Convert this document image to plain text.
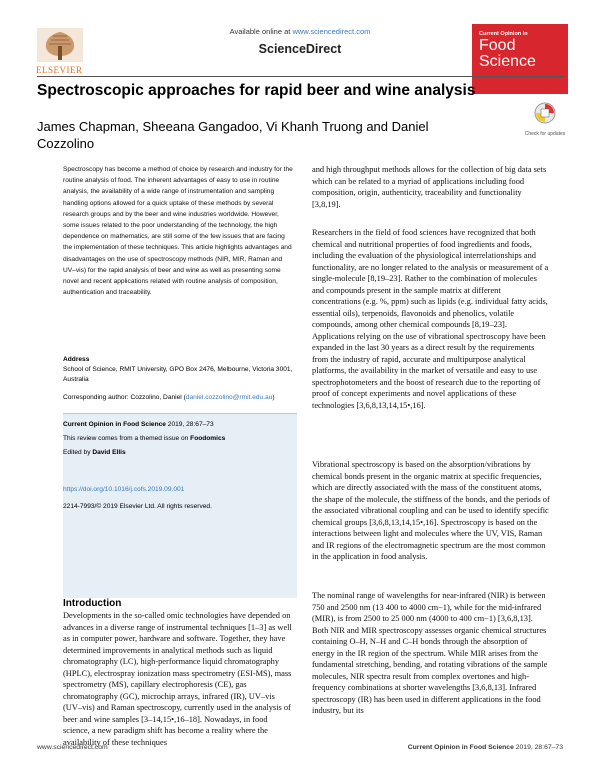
ELSEVIER
Available online at www.sciencedirect.com
ScienceDirect
Current Opinion in
Food
Science
Spectroscopic approaches for rapid beer and wine analysis
James Chapman, Sheeana Gangadoo, Vi Khanh Truong and Daniel Cozzolino
Check for updates
Spectroscopy has become a method of choice by research and industry for the routine analysis of food. The inherent advantages of easy to use in routine analysis, the availability of a wide range of instrumentation and sampling handling options allowed for a quick uptake of these methods by several research groups and by the beer and wine industries worldwide. However, some issues related to the poor understanding of the technology, the high dependence on mathematics, are still some of the few issues that are facing the implementation of these techniques. This article highlights advantages and disadvantages on the use of spectroscopy methods (NIR, MIR, Raman and UV–vis) for the rapid analysis of beer and wine as well as presenting some novel and recent applications related with routine analysis of composition, authentication and traceability.
Address
School of Science, RMIT University, GPO Box 2476, Melbourne, Victoria 3001, Australia
Corresponding author: Cozzolino, Daniel (daniel.cozzolino@rmit.edu.au)
Current Opinion in Food Science 2019, 28:67–73
This review comes from a themed issue on Foodomics
Edited by David Ellis
https://doi.org/10.1016/j.cofs.2019.09.001
2214-7993/© 2019 Elsevier Ltd. All rights reserved.
Introduction
Developments in the so-called omic technologies have depended on advances in a diverse range of instrumental techniques [1–3] as well as in computer power, hardware and software. Together, they have determined improvements in analytical methods such as liquid chromatography (LC), high-performance liquid chromatography (HPLC), electrospray ionization mass spectrometry (ESI-MS), mass spectrometry (MS), capillary electrophoresis (CE), gas chromatography (GC), microchip arrays, infrared (IR), UV–vis (UV–vis) and Raman spectroscopy, currently used in the analysis of beer and wine samples [3–14,15•,16–18]. Nowadays, in food science, a new paradigm shift has become a reality where the availability of these techniques
and high throughput methods allows for the collection of big data sets which can be related to a myriad of applications including food composition, origin, authenticity, traceability and functionality [3,8,19].
Researchers in the field of food sciences have recognized that both chemical and nutritional properties of food ingredients and foods, including the evaluation of the physiological interrelationships and functionality, are no longer related to the analysis or measurement of a single-molecule [8,19–23]. Rather to the combination of molecules and compounds present in the sample matrix at different concentrations (e.g. %, ppm) such as lipids (e.g. individual fatty acids, essential oils), terpenoids, flavonoids and phenolics, volatile compounds, among other chemical compounds [8,19–23]. Applications relying on the use of vibrational spectroscopy have been expanded in the last 30 years as a direct result by the requirements from the industry of rapid, accurate and multipurpose analytical platforms, the availability in the market of versatile and easy to use spectrophotometers and the boost of research due to the reporting of proof of concept experiments and novel applications of these technologies [3,6,8,13,14,15•,16].
Vibrational spectroscopy is based on the absorption/vibrations by chemical bonds present in the organic matrix at specific frequencies, which are directly associated with the mass of the constituent atoms, the shape of the molecule, the stiffness of the bonds, and the periods of the associated vibrational coupling and can be used to identify specific chemical groups [3,6,8,13,14,15•,16]. Spectroscopy is based on the interactions between light and molecules where the UV, VIS, Raman and IR regions of the electromagnetic spectrum are the most common in the application in food analysis.
The nominal range of wavelengths for near-infrared (NIR) is between 750 and 2500 nm (13 400 to 4000 cm−1), while for the mid-infrared (MIR), is from 2500 to 25 000 nm (4000 to 400 cm−1) [3,6,8,13]. Both NIR and MIR spectroscopy assesses organic chemical structures containing O–H, N–H and C–H bonds through the absorption of energy in the IR region of the spectrum. While MIR arises from the fundamental stretching, bending, and rotating vibrations of the sample molecules, NIR spectra result from complex overtones and high-frequency combinations at shorter wavelengths [3,6,8,13]. Infrared spectroscopy (IR) has been used in different applications in the food industry, but its
www.sciencedirect.com	Current Opinion in Food Science 2019, 28:67–73
